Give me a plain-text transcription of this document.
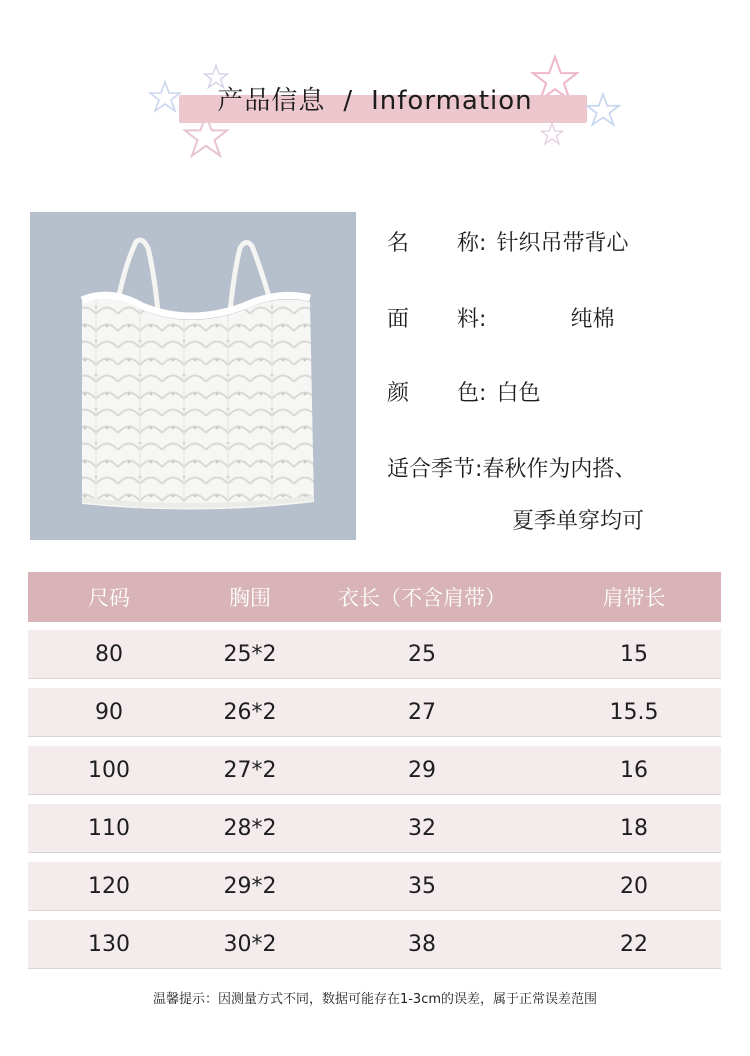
产品信息 / Information
名 称: 针织吊带背心
面 料:	纯棉
颜 色: 白色
适合季节:春秋作为内搭、
夏季单穿均可
尺码	胸围	衣长（不含肩带）	肩带长
80	25*2	25	15
90	26*2	27	15.5
100	27*2	29	16
110	28*2	32	18
120	29*2	35	20
130	30*2	38	22
温馨提示：因测量方式不同，数据可能存在1-3cm的误差，属于正常误差范围
